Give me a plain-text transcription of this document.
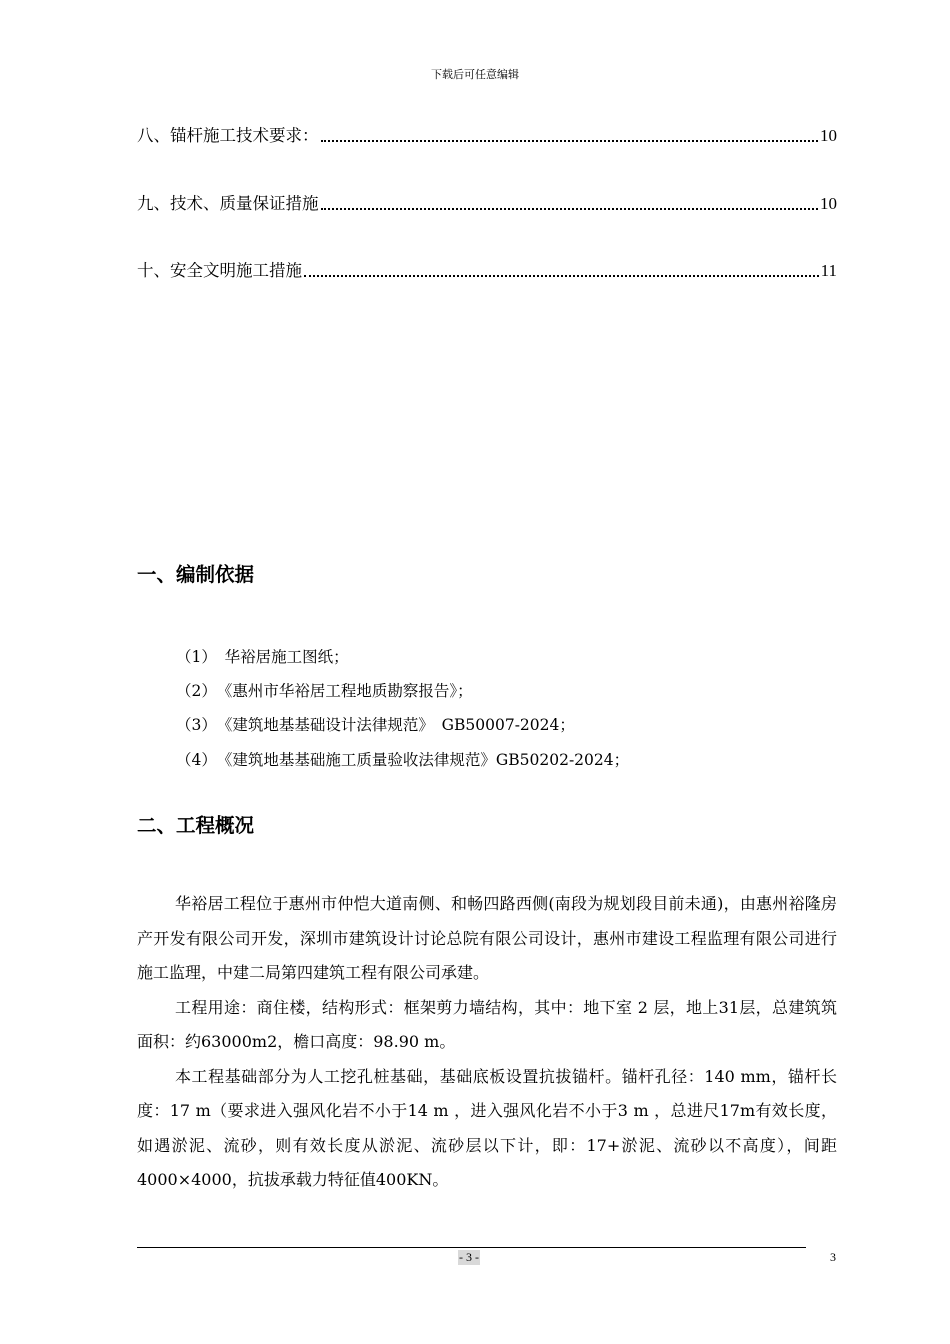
下载后可任意编辑
八、锚杆施工技术要求：	10
九、技术、质量保证措施	10
十、安全文明施工措施	11
一、编制依据
（1）　华裕居施工图纸；
（2）　《惠州市华裕居工程地质勘察报告》；
（3）　《建筑地基基础设计法律规范》　GB50007-2024；
（4）　《建筑地基基础施工质量验收法律规范》GB50202-2024；
二、工程概况

华裕居工程位于惠州市仲恺大道南侧、和畅四路西侧(南段为规划段目前未通)，由惠州裕隆房产开发有限公司开发，深圳市建筑设计讨论总院有限公司设计，惠州市建设工程监理有限公司进行施工监理，中建二局第四建筑工程有限公司承建。

工程用途：商住楼，结构形式：框架剪力墙结构，其中：地下室 2 层，地上31层，总建筑筑面积：约63000m2，檐口高度：98.90 m。

本工程基础部分为人工挖孔桩基础，基础底板设置抗拔锚杆。锚杆孔径：140 mm，锚杆长度：17 m（要求进入强风化岩不小于14 m ，进入强风化岩不小于3 m ，总进尺17m有效长度，如遇淤泥、流砂，则有效长度从淤泥、流砂层以下计，即：17+淤泥、流砂以不高度），间距4000×4000，抗拔承载力特征值400KN。

- 3 -	3
